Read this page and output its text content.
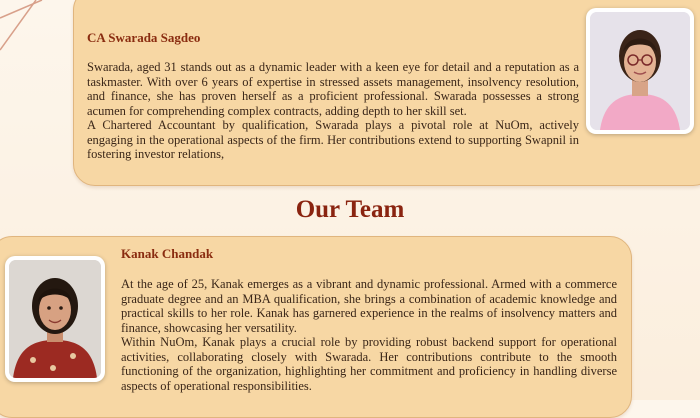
CA Swarada Sagdeo

Swarada, aged 31 stands out as a dynamic leader with a keen eye for detail and a reputation as a taskmaster. With over 6 years of expertise in stressed assets management, insolvency resolution, and finance, she has proven herself as a proficient professional. Swarada possesses a strong acumen for comprehending complex contracts, adding depth to her skill set.

A Chartered Accountant by qualification, Swarada plays a pivotal role at NuOm, actively engaging in the operational aspects of the firm. Her contributions extend to supporting Swapnil in fostering investor relations,

Our Team
Kanak Chandak

At the age of 25, Kanak emerges as a vibrant and dynamic professional. Armed with a commerce graduate degree and an MBA qualification, she brings a combination of academic knowledge and practical skills to her role. Kanak has garnered experience in the realms of insolvency matters and finance, showcasing her versatility.

Within NuOm, Kanak plays a crucial role by providing robust backend support for operational activities, collaborating closely with Swarada. Her contributions contribute to the smooth functioning of the organization, highlighting her commitment and proficiency in handling diverse aspects of operational responsibilities.
